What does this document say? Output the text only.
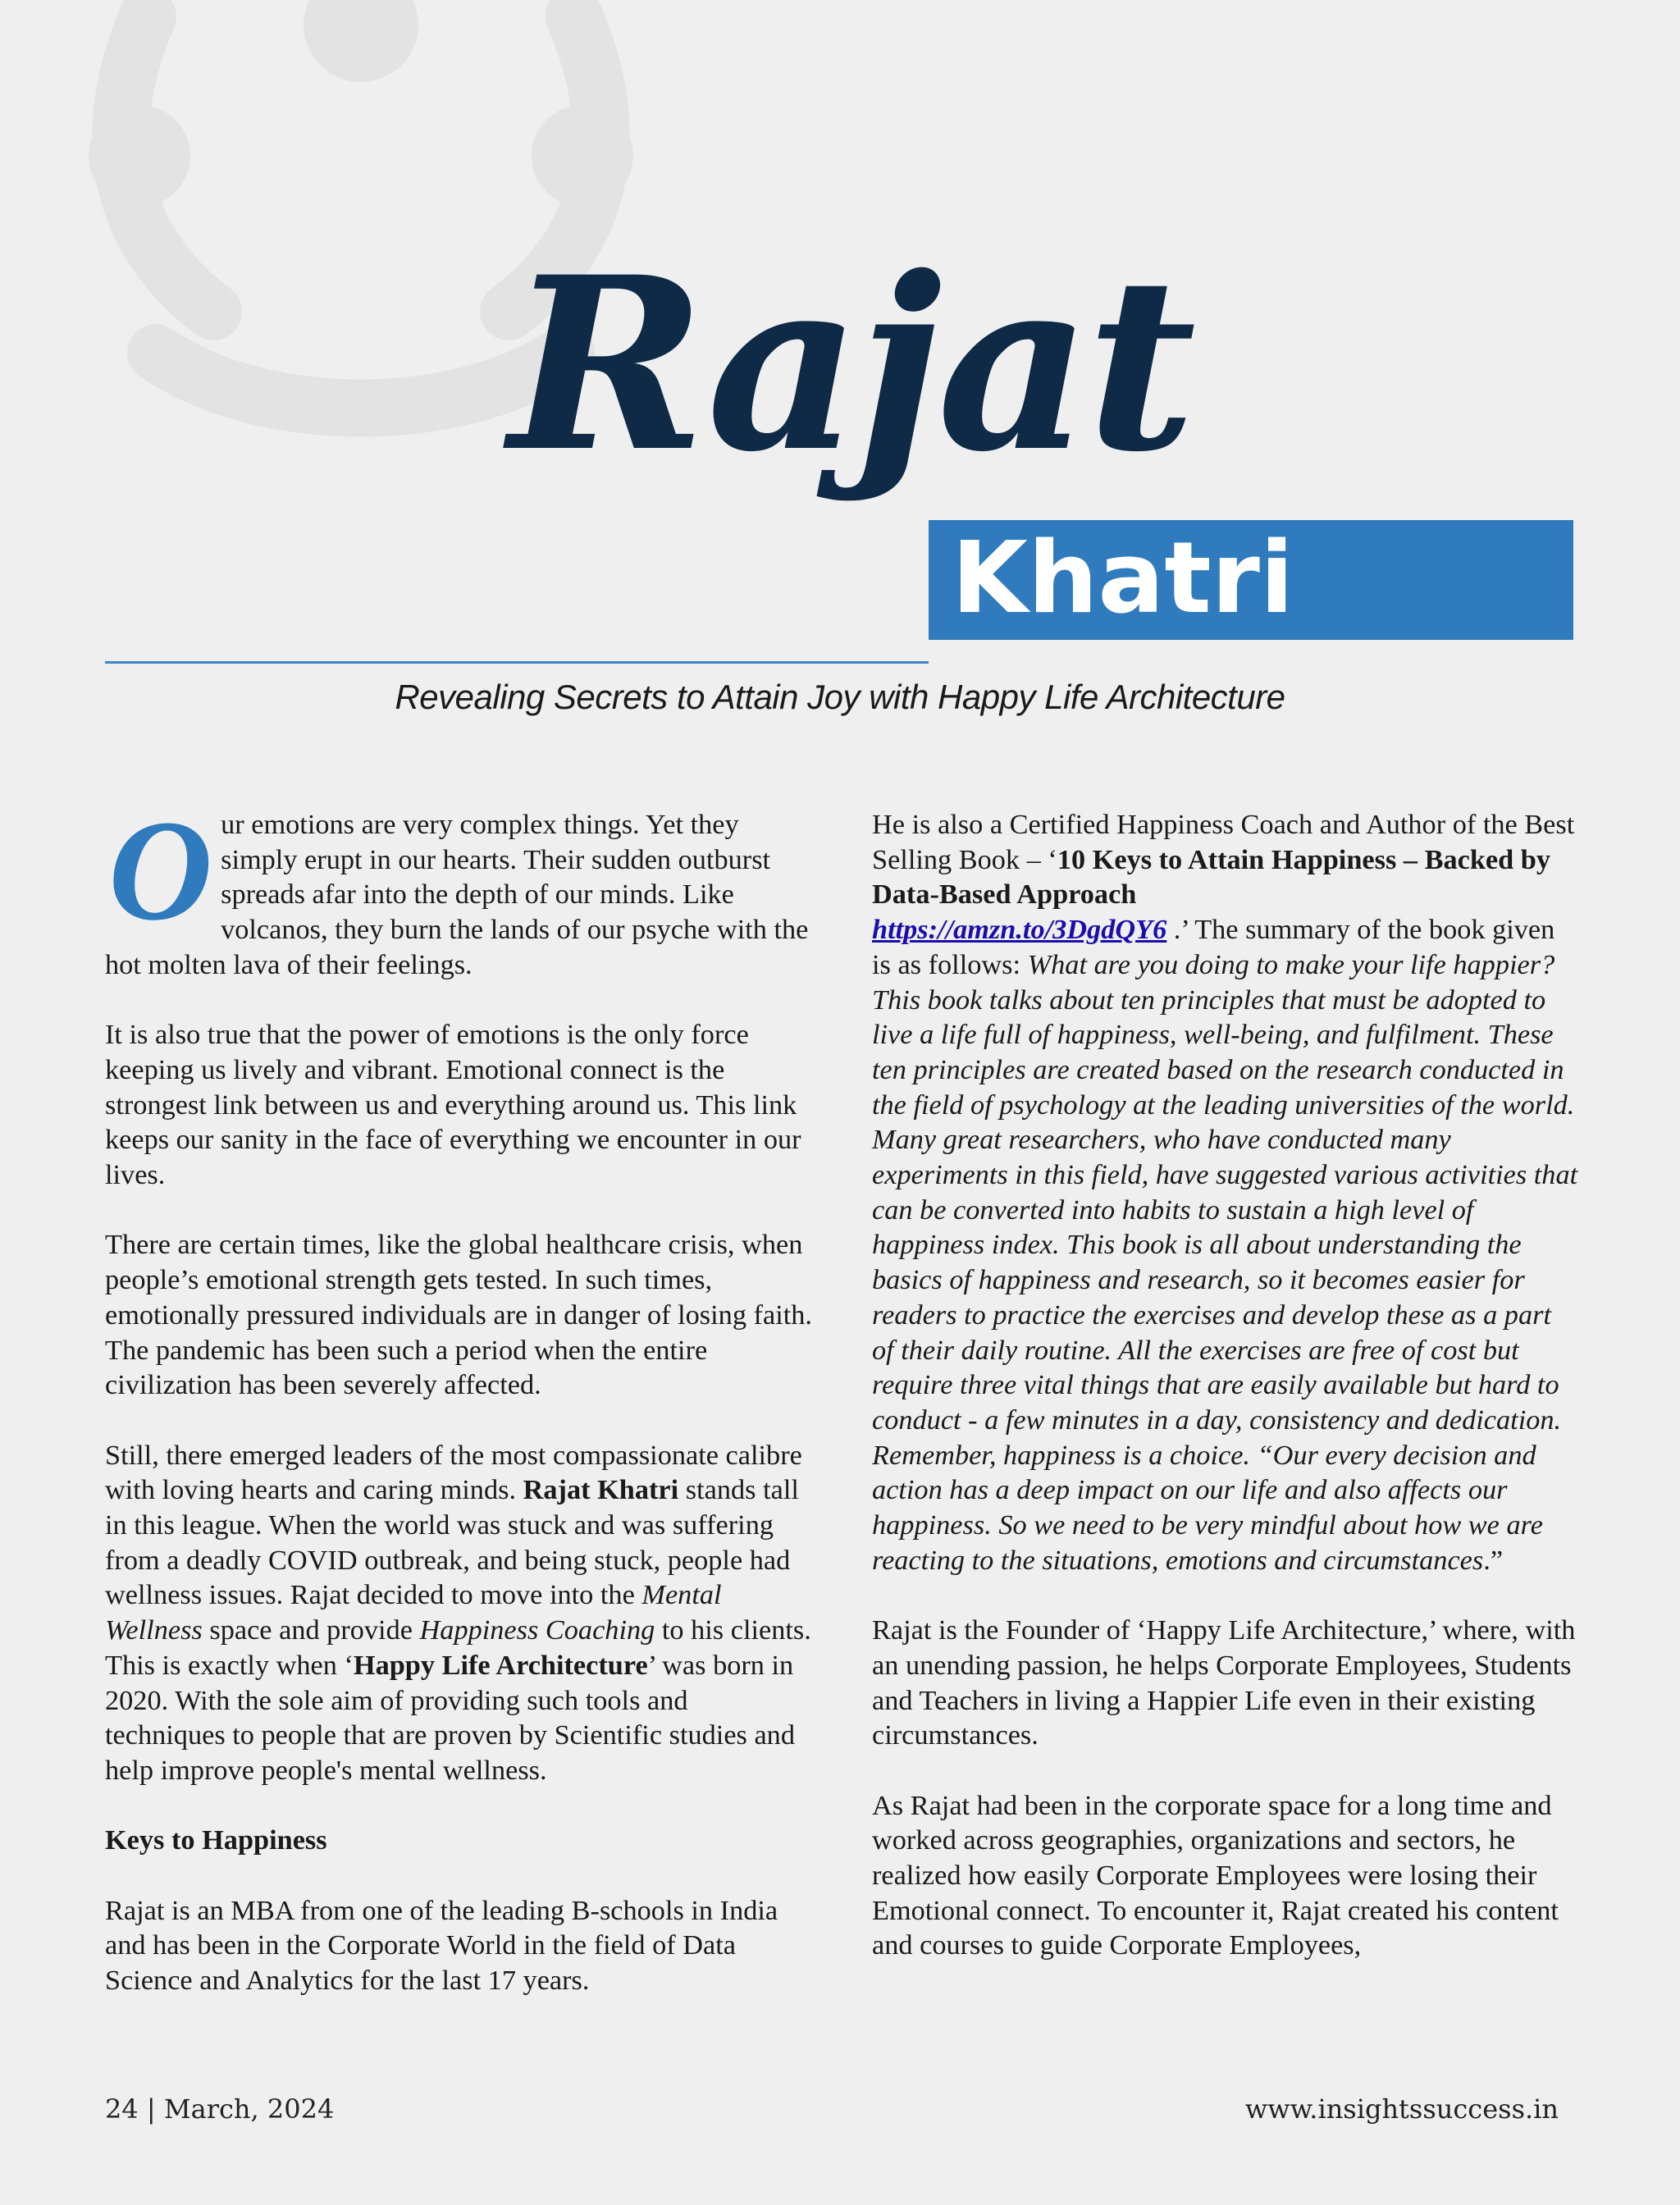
Khatri
Rajat
Revealing Secrets to Attain Joy with Happy Life Architecture

Our emotions are very complex things. Yet they simply erupt in our hearts. Their sudden outburst spreads afar into the depth of our minds. Like volcanos, they burn the lands of our psyche with the hot molten lava of their feelings.

It is also true that the power of emotions is the only force keeping us lively and vibrant. Emotional connect is the strongest link between us and everything around us. This link keeps our sanity in the face of everything we encounter in our lives.

There are certain times, like the global healthcare crisis, when people’s emotional strength gets tested. In such times, emotionally pressured individuals are in danger of losing faith. The pandemic has been such a period when the entire civilization has been severely affected.

Still, there emerged leaders of the most compassionate calibre with loving hearts and caring minds. Rajat Khatri stands tall in this league. When the world was stuck and was suffering from a deadly COVID outbreak, and being stuck, people had wellness issues. Rajat decided to move into the Mental Wellness space and provide Happiness Coaching to his clients. This is exactly when ‘Happy Life Architecture’ was born in 2020. With the sole aim of providing such tools and techniques to people that are proven by Scientific studies and help improve people's mental wellness.

Keys to Happiness

Rajat is an MBA from one of the leading B-schools in India and has been in the Corporate World in the field of Data Science and Analytics for the last 17 years.

He is also a Certified Happiness Coach and Author of the Best Selling Book – ‘10 Keys to Attain Happiness – Backed by Data-Based Approach
https://amzn.to/3DgdQY6 .’ The summary of the book given is as follows: What are you doing to make your life happier? This book talks about ten principles that must be adopted to live a life full of happiness, well-being, and fulfilment. These ten principles are created based on the research conducted in the field of psychology at the leading universities of the world. Many great researchers, who have conducted many experiments in this field, have suggested various activities that can be converted into habits to sustain a high level of happiness index. This book is all about understanding the basics of happiness and research, so it becomes easier for readers to practice the exercises and develop these as a part of their daily routine. All the exercises are free of cost but require three vital things that are easily available but hard to conduct - a few minutes in a day, consistency and dedication. Remember, happiness is a choice. “Our every decision and action has a deep impact on our life and also affects our happiness. So we need to be very mindful about how we are reacting to the situations, emotions and circumstances.”

Rajat is the Founder of ‘Happy Life Architecture,’ where, with an unending passion, he helps Corporate Employees, Students and Teachers in living a Happier Life even in their existing circumstances.

As Rajat had been in the corporate space for a long time and worked across geographies, organizations and sectors, he realized how easily Corporate Employees were losing their Emotional connect. To encounter it, Rajat created his content and courses to guide Corporate Employees,

24 | March, 2024	www.insightssuccess.in
